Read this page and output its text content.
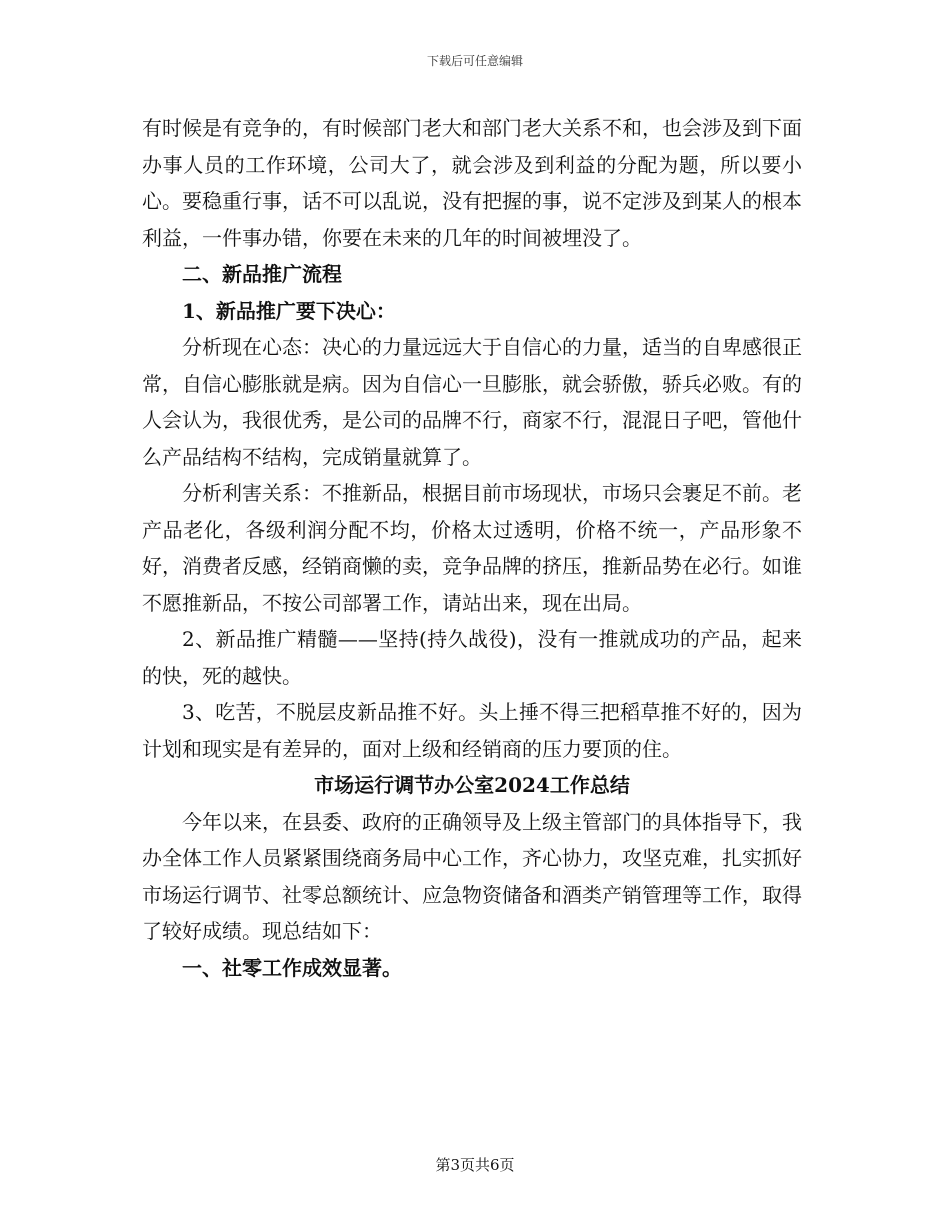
下载后可任意编辑

有时候是有竞争的，有时候部门老大和部门老大关系不和，也会涉及到下面办事人员的工作环境，公司大了，就会涉及到利益的分配为题，所以要小心。要稳重行事，话不可以乱说，没有把握的事，说不定涉及到某人的根本利益，一件事办错，你要在未来的几年的时间被埋没了。

二、新品推广流程

1、新品推广要下决心：

分析现在心态：决心的力量远远大于自信心的力量，适当的自卑感很正常，自信心膨胀就是病。因为自信心一旦膨胀，就会骄傲，骄兵必败。有的人会认为，我很优秀，是公司的品牌不行，商家不行，混混日子吧，管他什么产品结构不结构，完成销量就算了。

分析利害关系：不推新品，根据目前市场现状，市场只会裹足不前。老产品老化，各级利润分配不均，价格太过透明，价格不统一，产品形象不好，消费者反感，经销商懒的卖，竞争品牌的挤压，推新品势在必行。如谁不愿推新品，不按公司部署工作，请站出来，现在出局。

2、新品推广精髓——坚持(持久战役)，没有一推就成功的产品，起来的快，死的越快。

3、吃苦，不脱层皮新品推不好。头上捶不得三把稻草推不好的，因为计划和现实是有差异的，面对上级和经销商的压力要顶的住。

市场运行调节办公室2024工作总结

今年以来，在县委、政府的正确领导及上级主管部门的具体指导下，我办全体工作人员紧紧围绕商务局中心工作，齐心协力，攻坚克难，扎实抓好市场运行调节、社零总额统计、应急物资储备和酒类产销管理等工作，取得了较好成绩。现总结如下：

一、社零工作成效显著。

第3页共6页
